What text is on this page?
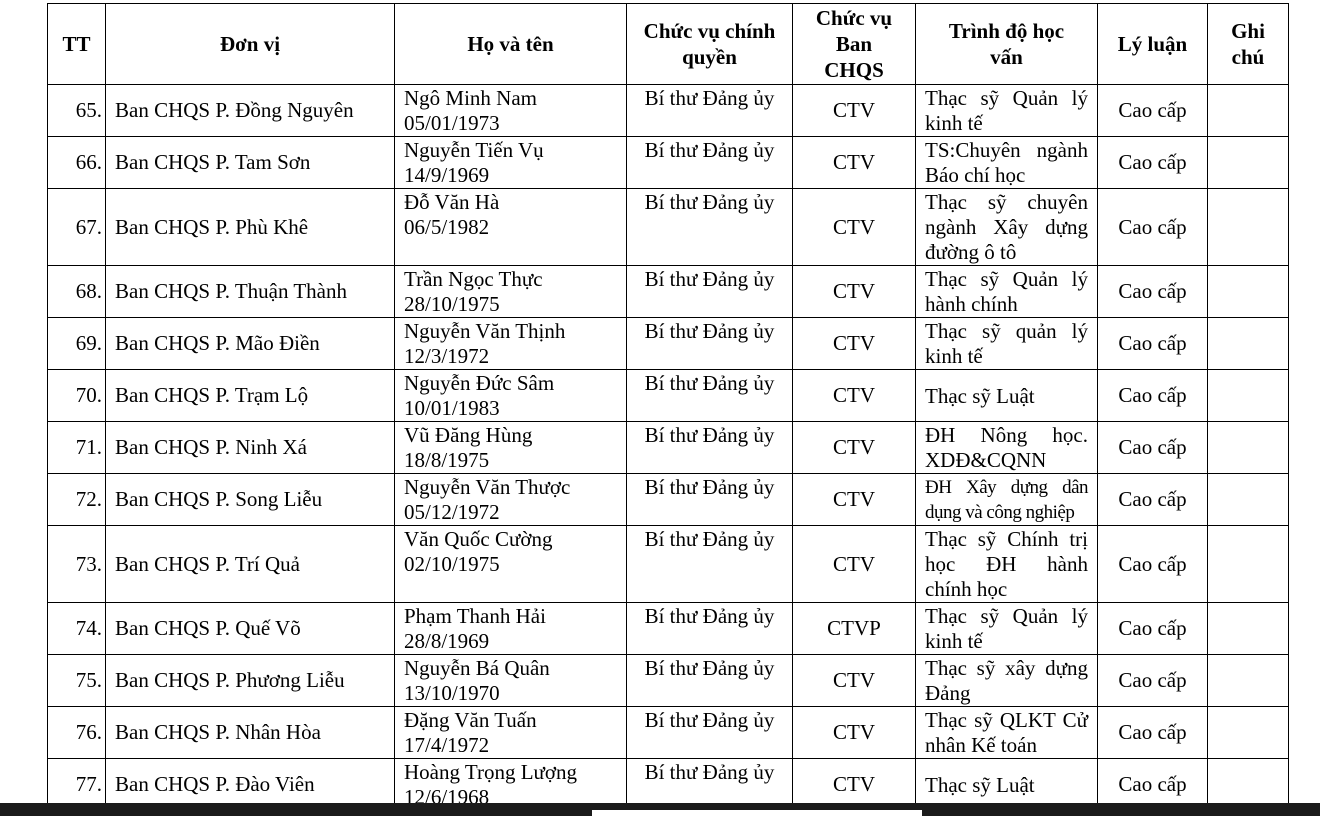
TT	Đơn vị	Họ và tên	Chức vụ chính
quyền	Chức vụ
Ban
CHQS	Trình độ học
vấn	Lý luận	Ghi
chú
65.	Ban CHQS P. Đồng Nguyên	Ngô Minh Nam
05/01/1973	Bí thư Đảng ủy	CTV	Thạc sỹ Quản lý kinh tế	Cao cấp	
66.	Ban CHQS P. Tam Sơn	Nguyễn Tiến Vụ
14/9/1969	Bí thư Đảng ủy	CTV	TS:Chuyên ngành Báo chí học	Cao cấp	
67.	Ban CHQS P. Phù Khê	Đỗ Văn Hà
06/5/1982	Bí thư Đảng ủy	CTV	Thạc sỹ chuyên ngành Xây dựng đường ô tô	Cao cấp	
68.	Ban CHQS P. Thuận Thành	Trần Ngọc Thực
28/10/1975	Bí thư Đảng ủy	CTV	Thạc sỹ Quản lý hành chính	Cao cấp	
69.	Ban CHQS P. Mão Điền	Nguyễn Văn Thịnh
12/3/1972	Bí thư Đảng ủy	CTV	Thạc sỹ quản lý kinh tế	Cao cấp	
70.	Ban CHQS P. Trạm Lộ	Nguyễn Đức Sâm
10/01/1983	Bí thư Đảng ủy	CTV	Thạc sỹ Luật	Cao cấp	
71.	Ban CHQS P. Ninh Xá	Vũ Đăng Hùng
18/8/1975	Bí thư Đảng ủy	CTV	ĐH Nông học. XDĐ&CQNN	Cao cấp	
72.	Ban CHQS P. Song Liễu	Nguyễn Văn Thược
05/12/1972	Bí thư Đảng ủy	CTV	ĐH Xây dựng dân dụng và công nghiệp	Cao cấp	
73.	Ban CHQS P. Trí Quả	Văn Quốc Cường
02/10/1975	Bí thư Đảng ủy	CTV	Thạc sỹ Chính trị học ĐH hành chính học	Cao cấp	
74.	Ban CHQS P. Quế Võ	Phạm Thanh Hải
28/8/1969	Bí thư Đảng ủy	CTVP	Thạc sỹ Quản lý kinh tế	Cao cấp	
75.	Ban CHQS P. Phương Liễu	Nguyễn Bá Quân
13/10/1970	Bí thư Đảng ủy	CTV	Thạc sỹ xây dựng Đảng	Cao cấp	
76.	Ban CHQS P. Nhân Hòa	Đặng Văn Tuấn
17/4/1972	Bí thư Đảng ủy	CTV	Thạc sỹ QLKT Cử nhân Kế toán	Cao cấp	
77.	Ban CHQS P. Đào Viên	Hoàng Trọng Lượng
12/6/1968	Bí thư Đảng ủy	CTV	Thạc sỹ Luật	Cao cấp	
